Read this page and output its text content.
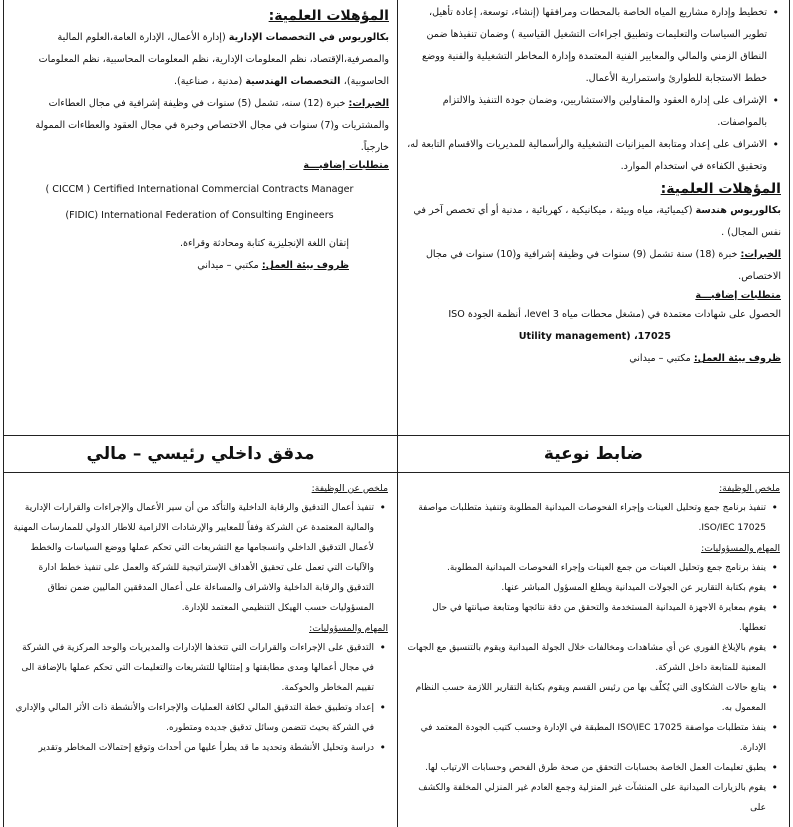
• تخطيط وإدارة مشاريع المياه الخاصة بالمحطات ومرافقها (إنشاء، توسعة، إعادة تأهيل، تطوير السياسات والتعليمات وتطبيق اجراءات التشغيل القياسية ) وضمان تنفيذها ضمن النطاق الزمني والمالي والمعايير الفنية المعتمدة وإدارة المخاطر التشغيلية والفنية ووضع خطط الاستجابة للطوارئ واستمرارية الأعمال.
• الإشراف على إدارة العقود والمقاولين والاستشاريين، وضمان جودة التنفيذ والالتزام بالمواصفات.
• الاشراف على إعداد ومتابعة الميزانيات التشغيلية والرأسمالية للمديريات والاقسام التابعة له، وتحقيق الكفاءة في استخدام الموارد.
المؤهلات العلمية:

بكالوريوس هندسة (كيميائية، مياه وبيئة ، ميكانيكية ، كهربائية ، مدنية أو أي تخصص آخر في نفس المجال) .

الخبرات: خبرة (18) سنة تشمل (9) سنوات في وظيفة إشرافية و(10) سنوات في مجال الاختصاص.

متطلبات إضافيـــة

الحصول على شهادات معتمدة في (مشغل محطات مياه 3 level، أنظمة الجودة ISO

Utility management) ،17025

ظروف بيئة العمل: مكتبي – ميداني

المؤهلات العلمية:

بكالوريوس في التخصصات الإدارية (إدارة الأعمال، الإدارة العامة،العلوم المالية والمصرفية،الإقتصاد، نظم المعلومات الإدارية، نظم المعلومات المحاسبية، نظم المعلومات الحاسوبية)، التخصصات الهندسية (مدنية ، صناعية).

الخبرات: خبرة (12) سنه، تشمل (5) سنوات في وظيفة إشرافية في مجال العطاءات والمشتريات و(7) سنوات في مجال الاختصاص وخبرة في مجال العقود والعطاءات الممولة خارجياً.

متطلبات إضافيـــة

( CICCM ) Certified International Commercial Contracts Manager

(FIDIC) International Federation of Consulting Engineers

إتقان اللغة الإنجليزية كتابة ومحادثة وقراءة.

ظروف بيئة العمل: مكتبي – ميداني

ضابط نوعية

ملخص الوظيفة:

• تنفيذ برنامج جمع وتحليل العينات وإجراء الفحوصات الميدانية المطلوبة وتنفيذ متطلبات مواصفة ISO/IEC 17025.

المهام والمسؤوليات:

• ينفذ برنامج جمع وتحليل العينات من جمع العينات وإجراء الفحوصات الميدانية المطلوبة.
• يقوم بكتابة التقارير عن الجولات الميدانية ويطلع المسؤول المباشر عنها.
• يقوم بمعايرة الاجهزة الميدانية المستخدمة والتحقق من دقة نتائجها ومتابعة صيانتها في حال تعطلها.
• يقوم بالإبلاغ الفوري عن أي مشاهدات ومخالفات خلال الجولة الميدانية ويقوم بالتنسيق مع الجهات المعنية للمتابعة داخل الشركة.
• يتابع حالات الشكاوى التي يُكلّف بها من رئيس القسم ويقوم بكتابة التقارير اللازمة حسب النظام المعمول به.
• ينفذ متطلبات مواصفة ISO\IEC 17025 المطبقة في الإدارة وحسب كتيب الجودة المعتمد في الإدارة.
• يطبق تعليمات العمل الخاصة بحسابات التحقق من صحة طرق الفحص وحسابات الارتياب لها.
• يقوم بالزيارات الميدانية على المنشآت غير المنزلية وجمع العادم غير المنزلي المخلفة والكشف على
مدقق داخلي رئيسي – مالي

ملخص عن الوظيفة:

• تنفيذ أعمال التدقيق والرقابة الداخلية والتأكد من أن سير الأعمال والإجراءات والقرارات الإدارية والمالية المعتمدة عن الشركة وفقاً للمعايير والإرشادات الالزامية للاطار الدولي للممارسات المهنية لأعمال التدقيق الداخلي وانسجامها مع التشريعات التي تحكم عملها ووضع السياسات والخطط والآليات التي تعمل على تحقيق الأهداف الإستراتيجية للشركة والعمل على تنفيذ خطط ادارة التدقيق والرقابة الداخلية والاشراف والمساءلة على أعمال المدققين الماليين ضمن نطاق المسؤوليات حسب الهيكل التنظيمي المعتمد للإدارة.

المهام والمسؤوليات:

• التدقيق على الإجراءات والقرارات التي تتخذها الإدارات والمديريات والوحد المركزية في الشركة في مجال أعمالها ومدى مطابقتها و إمتثالها للتشريعات والتعليمات التي تحكم عملها بالإضافة الى تقييم المخاطر والحوكمة.
• إعداد وتطبيق خطة التدقيق المالي لكافة العمليات والإجراءات والأنشطة ذات الأثر المالي والإداري في الشركة بحيث تتضمن وسائل تدقيق جديده ومتطوره.
• دراسة وتحليل الأنشطة وتحديد ما قد يطرأ عليها من أحداث وتوقع إحتمالات المخاطر وتقدير
